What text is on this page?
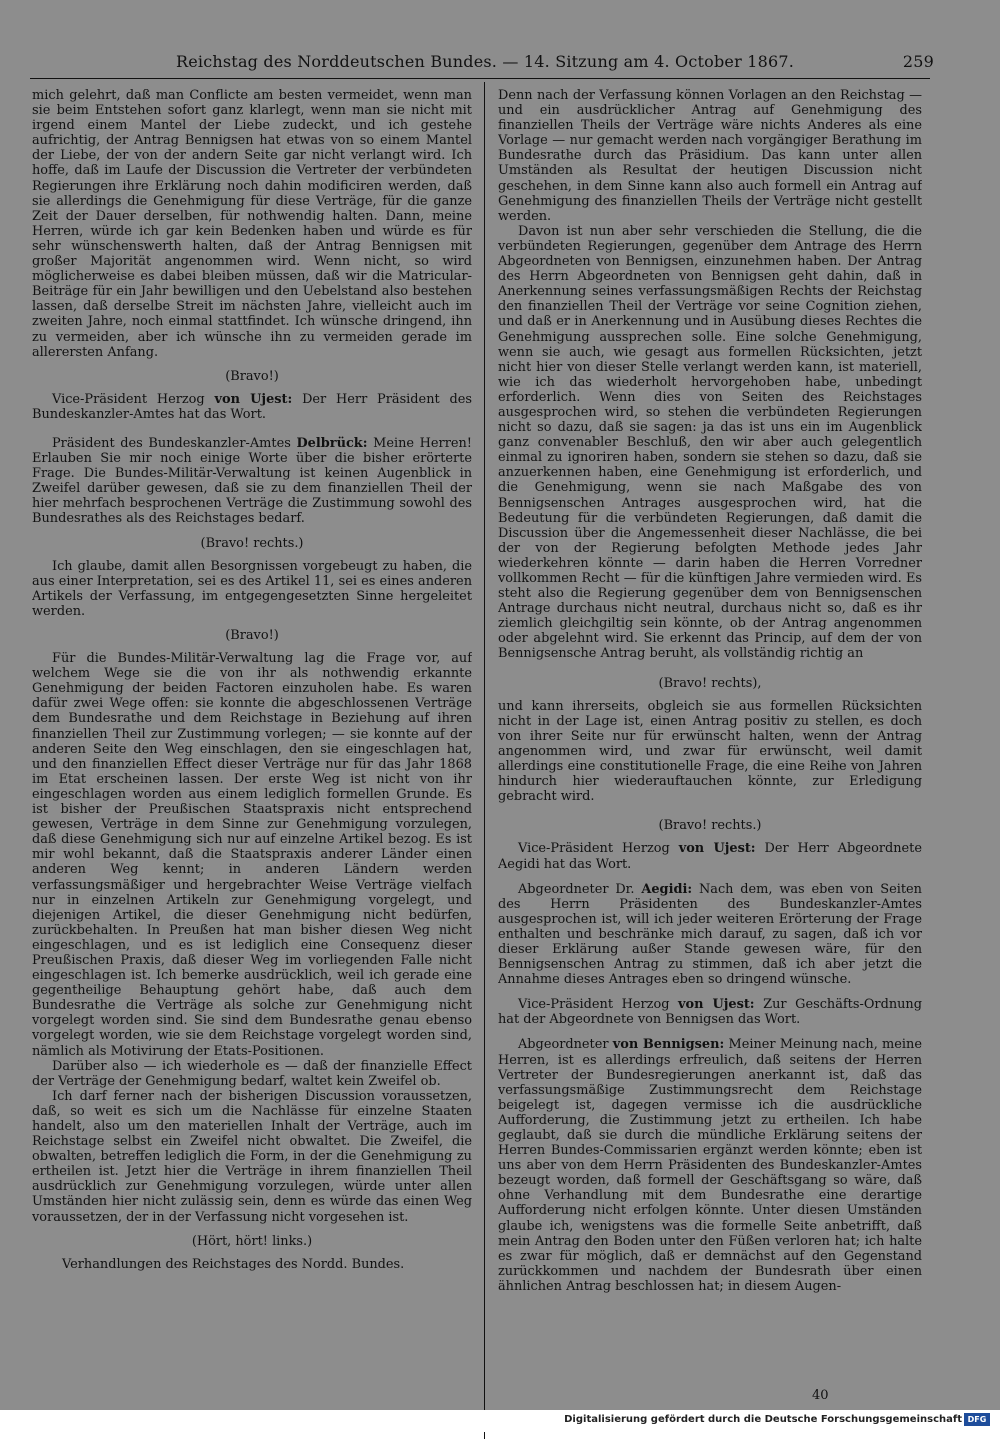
Reichstag des Norddeutschen Bundes. — 14. Sitzung am 4. October 1867.	259

mich gelehrt, daß man Conflicte am besten vermeidet, wenn man sie beim Entstehen sofort ganz klarlegt, wenn man sie nicht mit irgend einem Mantel der Liebe zudeckt, und ich gestehe aufrichtig, der Antrag Bennigsen hat etwas von so einem Mantel der Liebe, der von der andern Seite gar nicht verlangt wird. Ich hoffe, daß im Laufe der Discussion die Vertreter der verbündeten Regierungen ihre Erklärung noch dahin modificiren werden, daß sie allerdings die Genehmigung für diese Verträge, für die ganze Zeit der Dauer derselben, für nothwendig halten. Dann, meine Herren, würde ich gar kein Bedenken haben und würde es für sehr wünschenswerth halten, daß der Antrag Bennigsen mit großer Majorität angenommen wird. Wenn nicht, so wird möglicherweise es dabei bleiben müssen, daß wir die Matricular-Beiträge für ein Jahr bewilligen und den Uebelstand also bestehen lassen, daß derselbe Streit im nächsten Jahre, vielleicht auch im zweiten Jahre, noch einmal stattfindet. Ich wünsche dringend, ihn zu vermeiden, aber ich wünsche ihn zu vermeiden gerade im allerersten Anfang.

(Bravo!)

Vice-Präsident Herzog von Ujest: Der Herr Präsident des Bundeskanzler-Amtes hat das Wort.

Präsident des Bundeskanzler-Amtes Delbrück: Meine Herren! Erlauben Sie mir noch einige Worte über die bisher erörterte Frage. Die Bundes-Militär-Verwaltung ist keinen Augenblick in Zweifel darüber gewesen, daß sie zu dem finanziellen Theil der hier mehrfach besprochenen Verträge die Zustimmung sowohl des Bundesrathes als des Reichstages bedarf.

(Bravo! rechts.)

Ich glaube, damit allen Besorgnissen vorgebeugt zu haben, die aus einer Interpretation, sei es des Artikel 11, sei es eines anderen Artikels der Verfassung, im entgegengesetzten Sinne hergeleitet werden.

(Bravo!)

Für die Bundes-Militär-Verwaltung lag die Frage vor, auf welchem Wege sie die von ihr als nothwendig erkannte Genehmigung der beiden Factoren einzuholen habe. Es waren dafür zwei Wege offen: sie konnte die abgeschlossenen Verträge dem Bundesrathe und dem Reichstage in Beziehung auf ihren finanziellen Theil zur Zustimmung vorlegen; — sie konnte auf der anderen Seite den Weg einschlagen, den sie eingeschlagen hat, und den finanziellen Effect dieser Verträge nur für das Jahr 1868 im Etat erscheinen lassen. Der erste Weg ist nicht von ihr eingeschlagen worden aus einem lediglich formellen Grunde. Es ist bisher der Preußischen Staatspraxis nicht entsprechend gewesen, Verträge in dem Sinne zur Genehmigung vorzulegen, daß diese Genehmigung sich nur auf einzelne Artikel bezog. Es ist mir wohl bekannt, daß die Staatspraxis anderer Länder einen anderen Weg kennt; in anderen Ländern werden verfassungsmäßiger und hergebrachter Weise Verträge vielfach nur in einzelnen Artikeln zur Genehmigung vorgelegt, und diejenigen Artikel, die dieser Genehmigung nicht bedürfen, zurückbehalten. In Preußen hat man bisher diesen Weg nicht eingeschlagen, und es ist lediglich eine Consequenz dieser Preußischen Praxis, daß dieser Weg im vorliegenden Falle nicht eingeschlagen ist. Ich bemerke ausdrücklich, weil ich gerade eine gegentheilige Behauptung gehört habe, daß auch dem Bundesrathe die Verträge als solche zur Genehmigung nicht vorgelegt worden sind. Sie sind dem Bundesrathe genau ebenso vorgelegt worden, wie sie dem Reichstage vorgelegt worden sind, nämlich als Motivirung der Etats-Positionen.

Darüber also — ich wiederhole es — daß der finanzielle Effect der Verträge der Genehmigung bedarf, waltet kein Zweifel ob.

Ich darf ferner nach der bisherigen Discussion voraussetzen, daß, so weit es sich um die Nachlässe für einzelne Staaten handelt, also um den materiellen Inhalt der Verträge, auch im Reichstage selbst ein Zweifel nicht obwaltet. Die Zweifel, die obwalten, betreffen lediglich die Form, in der die Genehmigung zu ertheilen ist. Jetzt hier die Verträge in ihrem finanziellen Theil ausdrücklich zur Genehmigung vorzulegen, würde unter allen Umständen hier nicht zulässig sein, denn es würde das einen Weg voraussetzen, der in der Verfassung nicht vorgesehen ist.

(Hört, hört! links.)

Verhandlungen des Reichstages des Nordd. Bundes.

Denn nach der Verfassung können Vorlagen an den Reichstag — und ein ausdrücklicher Antrag auf Genehmigung des finanziellen Theils der Verträge wäre nichts Anderes als eine Vorlage — nur gemacht werden nach vorgängiger Berathung im Bundesrathe durch das Präsidium. Das kann unter allen Umständen als Resultat der heutigen Discussion nicht geschehen, in dem Sinne kann also auch formell ein Antrag auf Genehmigung des finanziellen Theils der Verträge nicht gestellt werden.

Davon ist nun aber sehr verschieden die Stellung, die die verbündeten Regierungen, gegenüber dem Antrage des Herrn Abgeordneten von Bennigsen, einzunehmen haben. Der Antrag des Herrn Abgeordneten von Bennigsen geht dahin, daß in Anerkennung seines verfassungsmäßigen Rechts der Reichstag den finanziellen Theil der Verträge vor seine Cognition ziehen, und daß er in Anerkennung und in Ausübung dieses Rechtes die Genehmigung aussprechen solle. Eine solche Genehmigung, wenn sie auch, wie gesagt aus formellen Rücksichten, jetzt nicht hier von dieser Stelle verlangt werden kann, ist materiell, wie ich das wiederholt hervorgehoben habe, unbedingt erforderlich. Wenn dies von Seiten des Reichstages ausgesprochen wird, so stehen die verbündeten Regierungen nicht so dazu, daß sie sagen: ja das ist uns ein im Augenblick ganz convenabler Beschluß, den wir aber auch gelegentlich einmal zu ignoriren haben, sondern sie stehen so dazu, daß sie anzuerkennen haben, eine Genehmigung ist erforderlich, und die Genehmigung, wenn sie nach Maßgabe des von Bennigsenschen Antrages ausgesprochen wird, hat die Bedeutung für die verbündeten Regierungen, daß damit die Discussion über die Angemessenheit dieser Nachlässe, die bei der von der Regierung befolgten Methode jedes Jahr wiederkehren könnte — darin haben die Herren Vorredner vollkommen Recht — für die künftigen Jahre vermieden wird. Es steht also die Regierung gegenüber dem von Bennigsenschen Antrage durchaus nicht neutral, durchaus nicht so, daß es ihr ziemlich gleichgiltig sein könnte, ob der Antrag angenommen oder abgelehnt wird. Sie erkennt das Princip, auf dem der von Bennigsensche Antrag beruht, als vollständig richtig an

(Bravo! rechts),

und kann ihrerseits, obgleich sie aus formellen Rücksichten nicht in der Lage ist, einen Antrag positiv zu stellen, es doch von ihrer Seite nur für erwünscht halten, wenn der Antrag angenommen wird, und zwar für erwünscht, weil damit allerdings eine constitutionelle Frage, die eine Reihe von Jahren hindurch hier wiederauftauchen könnte, zur Erledigung gebracht wird.

(Bravo! rechts.)

Vice-Präsident Herzog von Ujest: Der Herr Abgeordnete Aegidi hat das Wort.

Abgeordneter Dr. Aegidi: Nach dem, was eben von Seiten des Herrn Präsidenten des Bundeskanzler-Amtes ausgesprochen ist, will ich jeder weiteren Erörterung der Frage enthalten und beschränke mich darauf, zu sagen, daß ich vor dieser Erklärung außer Stande gewesen wäre, für den Bennigsenschen Antrag zu stimmen, daß ich aber jetzt die Annahme dieses Antrages eben so dringend wünsche.

Vice-Präsident Herzog von Ujest: Zur Geschäfts-Ordnung hat der Abgeordnete von Bennigsen das Wort.

Abgeordneter von Bennigsen: Meiner Meinung nach, meine Herren, ist es allerdings erfreulich, daß seitens der Herren Vertreter der Bundesregierungen anerkannt ist, daß das verfassungsmäßige Zustimmungsrecht dem Reichstage beigelegt ist, dagegen vermisse ich die ausdrückliche Aufforderung, die Zustimmung jetzt zu ertheilen. Ich habe geglaubt, daß sie durch die mündliche Erklärung seitens der Herren Bundes-Commissarien ergänzt werden könnte; eben ist uns aber von dem Herrn Präsidenten des Bundeskanzler-Amtes bezeugt worden, daß formell der Geschäftsgang so wäre, daß ohne Verhandlung mit dem Bundesrathe eine derartige Aufforderung nicht erfolgen könnte. Unter diesen Umständen glaube ich, wenigstens was die formelle Seite anbetrifft, daß mein Antrag den Boden unter den Füßen verloren hat; ich halte es zwar für möglich, daß er demnächst auf den Gegenstand zurückkommen und nachdem der Bundesrath über einen ähnlichen Antrag beschlossen hat; in diesem Augen-

40
Digitalisierung gefördert durch die Deutsche Forschungsgemeinschaft DFG
